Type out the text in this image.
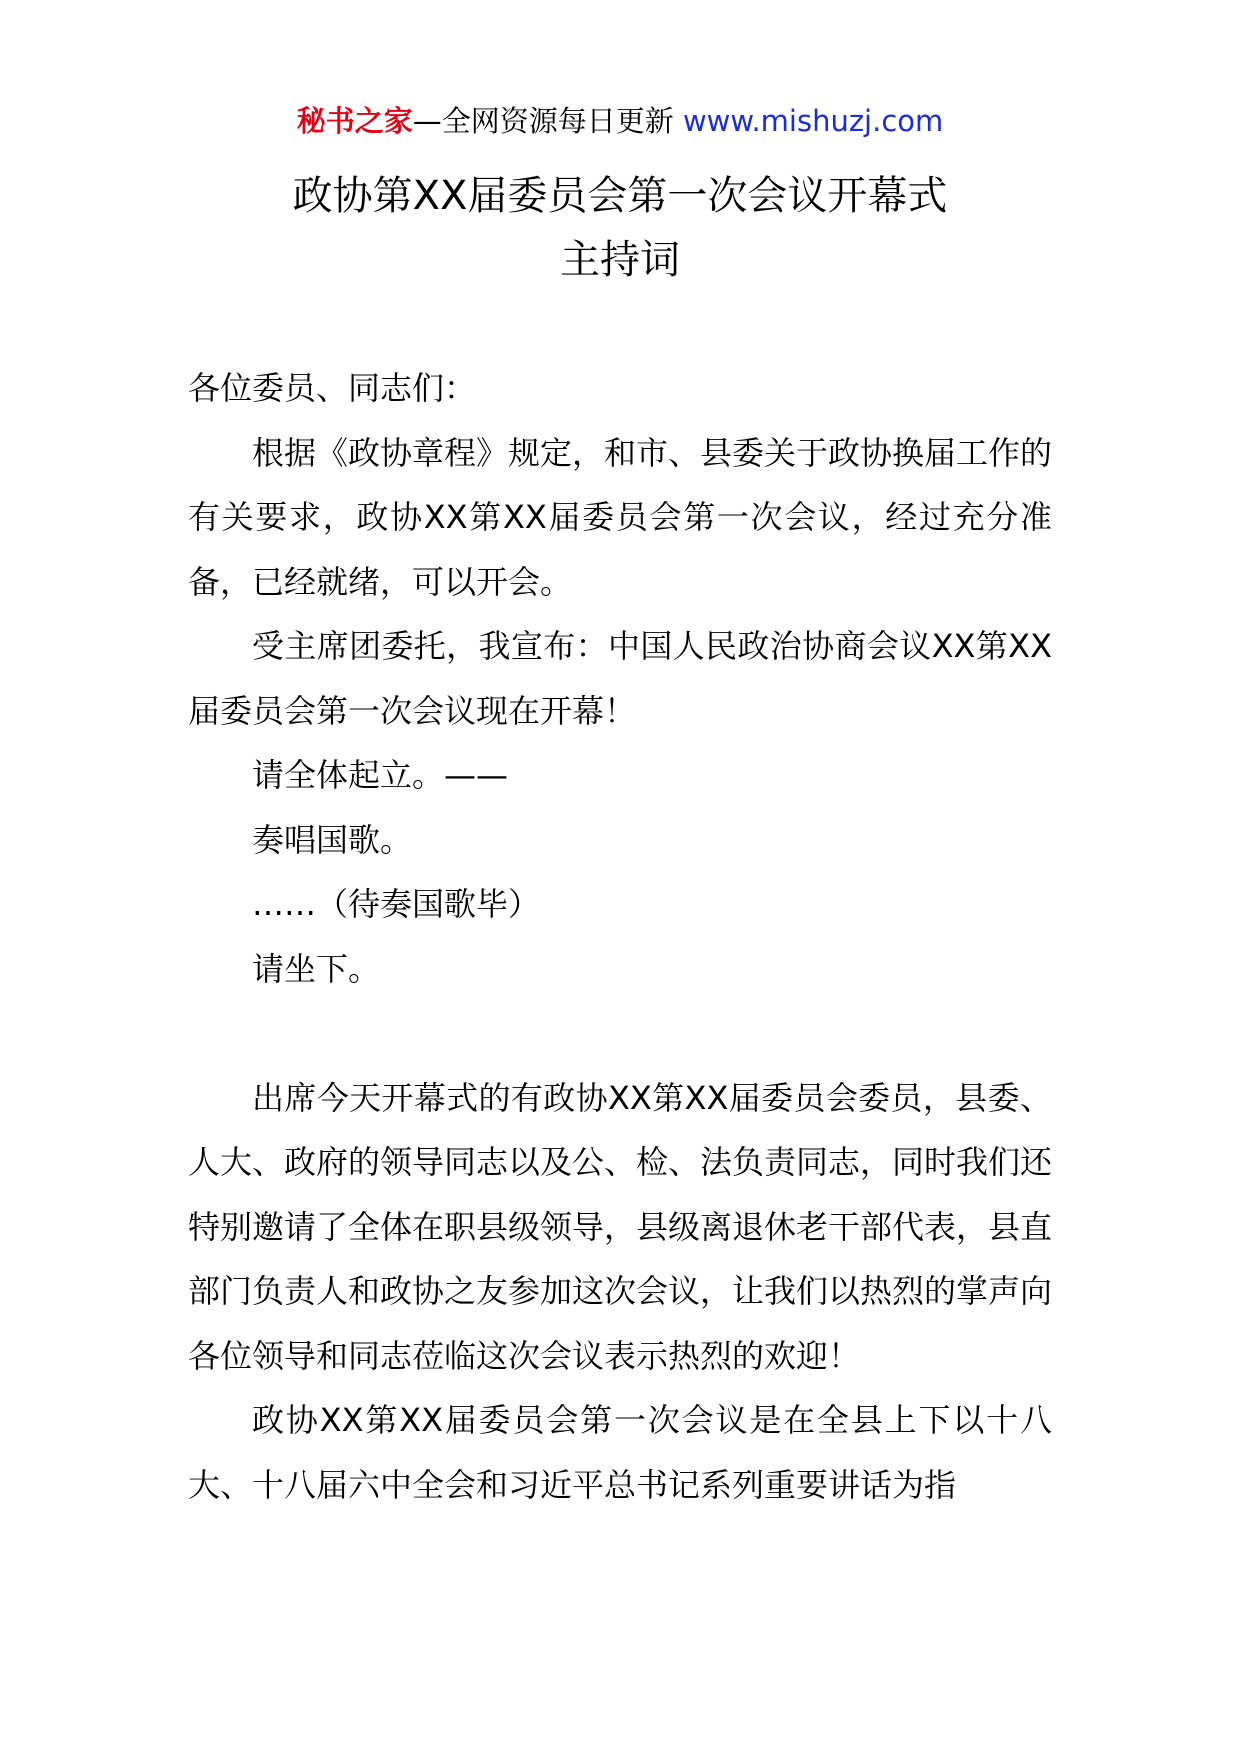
秘书之家—全网资源每日更新 www.mishuzj.com
政协第XX届委员会第一次会议开幕式
主持词

各位委员、同志们：

根据《政协章程》规定，和市、县委关于政协换届工作的有关要求，政协XX第XX届委员会第一次会议，经过充分准备，已经就绪，可以开会。

受主席团委托，我宣布：中国人民政治协商会议XX第XX届委员会第一次会议现在开幕！

请全体起立。——

奏唱国歌。

……（待奏国歌毕）

请坐下。

出席今天开幕式的有政协XX第XX届委员会委员，县委、人大、政府的领导同志以及公、检、法负责同志，同时我们还特别邀请了全体在职县级领导，县级离退休老干部代表，县直部门负责人和政协之友参加这次会议，让我们以热烈的掌声向各位领导和同志莅临这次会议表示热烈的欢迎！

政协XX第XX届委员会第一次会议是在全县上下以十八大、十八届六中全会和习近平总书记系列重要讲话为指
